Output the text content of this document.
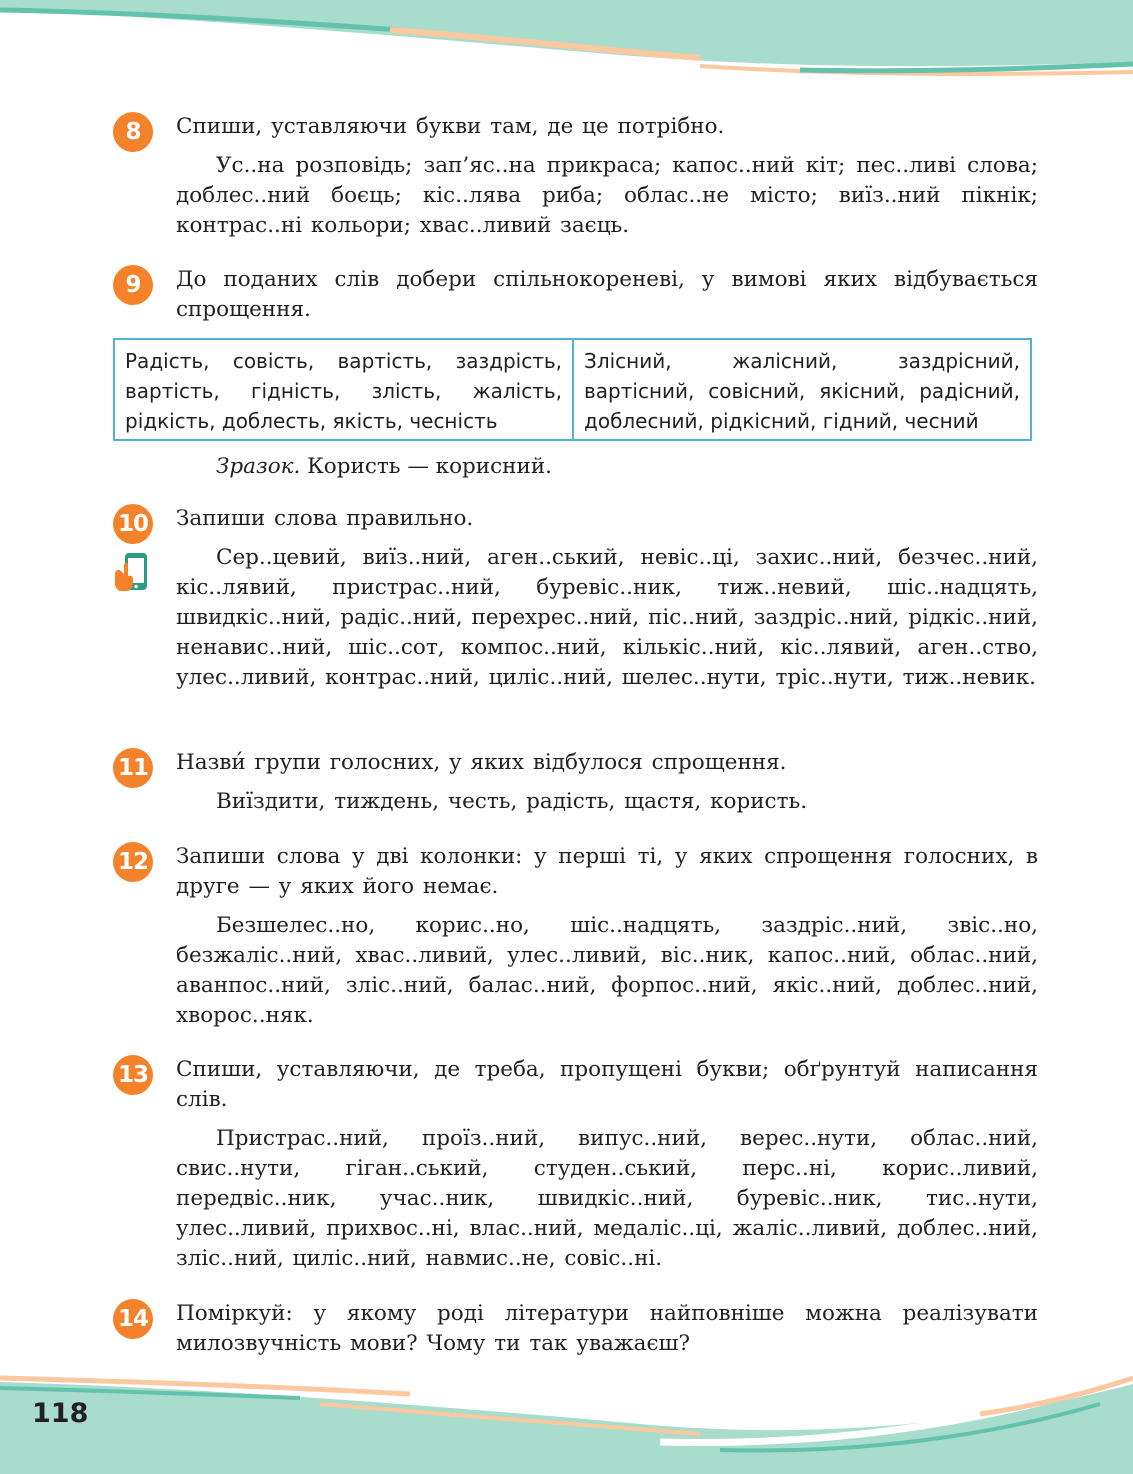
8	Спиши, уставляючи букви там, де це потрібно.
Ус..на розповідь; зап’яс..на прикраса; капос..ний кіт; пес..ливі слова; доблес..ний боєць; кіс..лява риба; облас..не місто; виїз..ний пікнік; контрас..ні кольори; хвас..ливий заєць.
9	До поданих слів добери спільнокореневі, у вимові яких відбувається спрощення.
Радість, совість, вартість, заздрість, вартість, гідність, злість, жалість, рідкість, доблесть, якість, чесність
Злісний, жалісний, заздрісний, вартісний, совісний, якісний, радісний, доблесний, рідкісний, гідний, чесний
Зразок. Користь — корисний.
10 Запиши слова правильно.
Сер..цевий, виїз..ний, аген..ський, невіс..ці, захис..ний, безчес..ний, кіс..лявий, пристрас..ний, буревіс..ник, тиж..невий, шіс..надцять, швидкіс..ний, радіс..ний, перехрес..ний, піс..ний, заздріс..ний, рідкіс..ний, ненавис..ний, шіс..сот, компос..ний, кількіс..ний, кіс..лявий, аген..ство, улес..ливий, контрас..ний, циліс..ний, шелес..нути, тріс..нути, тиж..невик.
11 Назви́ групи голосних, у яких відбулося спрощення.
Виїздити, тиждень, честь, радість, щастя, користь.
12 Запиши слова у дві колонки: у перші ті, у яких спрощення голосних, в друге — у яких його немає.
Безшелес..но, корис..но, шіс..надцять, заздріс..ний, звіс..но, безжаліс..ний, хвас..ливий, улес..ливий, віс..ник, капос..ний, облас..ний, аванпос..ний, зліс..ний, балас..ний, форпос..ний, якіс..ний, доблес..ний, хворос..няк.
13 Спиши, уставляючи, де треба, пропущені букви; обґрунтуй написання слів.
Пристрас..ний, проїз..ний, випус..ний, верес..нути, облас..ний, свис..нути, гіган..ський, студен..ський, перс..ні, корис..ливий, передвіс..ник, учас..ник, швидкіс..ний, буревіс..ник, тис..нути, улес..ливий, прихвос..ні, влас..ний, медаліс..ці, жаліс..ливий, доблес..ний, зліс..ний, циліс..ний, навмис..не, совіс..ні.
14 Поміркуй: у якому роді літератури найповніше можна реалізувати милозвучність мови? Чому ти так уважаєш?
118
